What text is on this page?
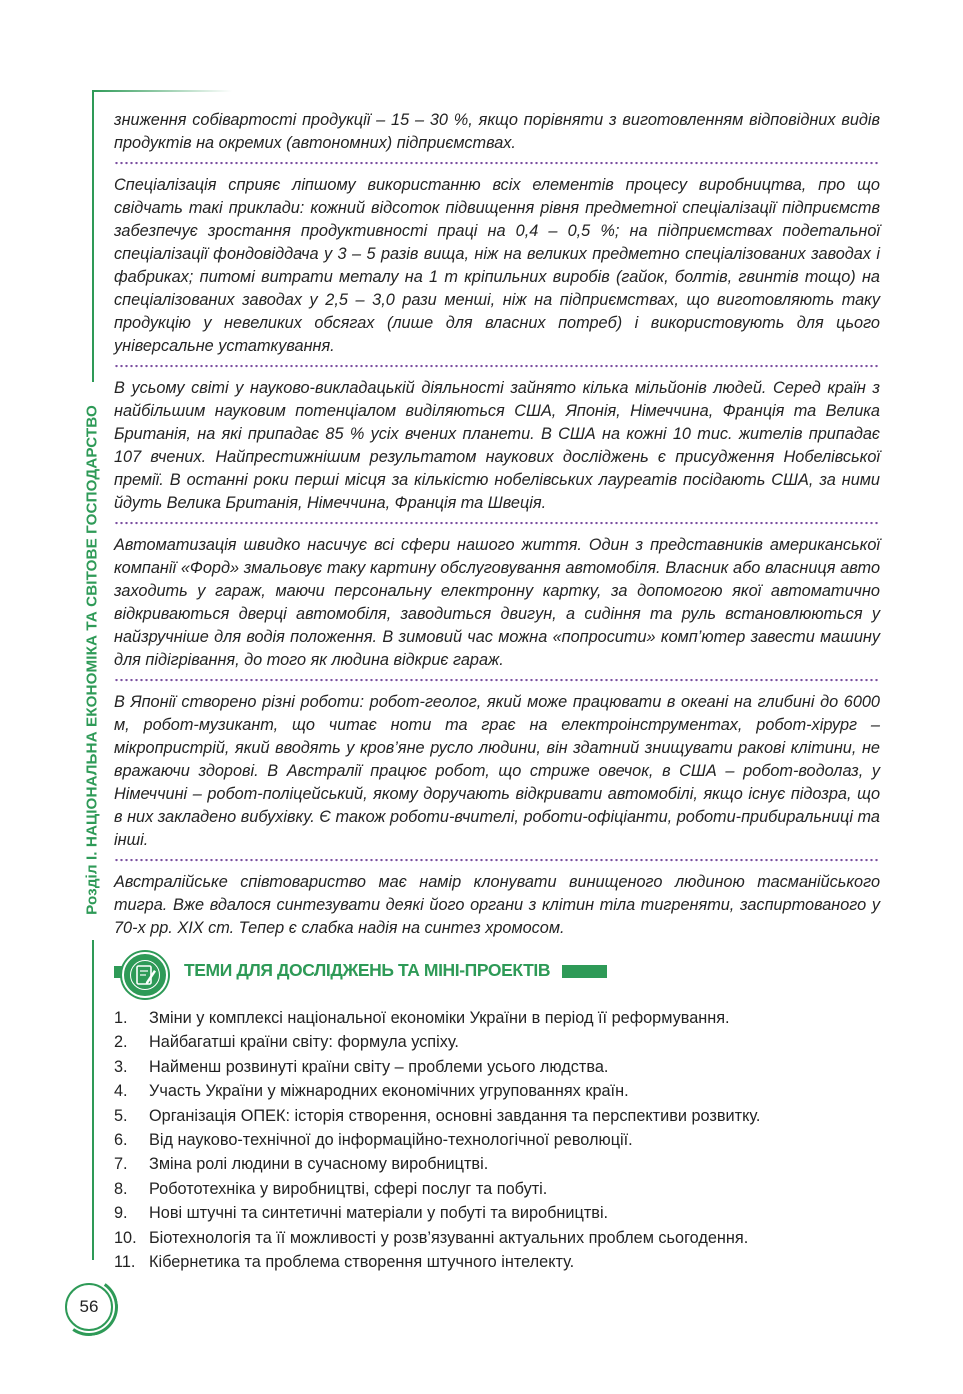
Розділ І. НАЦІОНАЛЬНА ЕКОНОМІКА ТА СВІТОВЕ ГОСПОДАРСТВО
зниження собівартості продукції – 15 – 30 %, якщо порівняти з виготовленням відповідних видів продуктів на окремих (автономних) підприємствах.
Спеціалізація сприяє ліпшому використанню всіх елементів процесу виробництва, про що свідчать такі приклади: кожний відсоток підвищення рівня предметної спеціалізації підприємств забезпечує зростання продуктивності праці на 0,4 – 0,5 %; на підприємствах подетальної спеціалізації фондовіддача у 3 – 5 разів вища, ніж на великих предметно спеціалізованих заводах і фабриках; питомі витрати металу на 1 т кріпильних виробів (гайок, болтів, гвинтів тощо) на спеціалізованих заводах у 2,5 – 3,0 рази менші, ніж на підприємствах, що виготовляють таку продукцію у невеликих обсягах (лише для власних потреб) і використовують для цього універсальне устаткування.
В усьому світі у науково-викладацькій діяльності зайнято кілька мільйонів людей. Серед країн з найбільшим науковим потенціалом виділяються США, Японія, Німеччина, Франція та Велика Британія, на які припадає 85 % усіх вчених планети. В США на кожні 10 тис. жителів припадає 107 вчених. Найпрестижнішим результатом наукових досліджень є присудження Нобелівської премії. В останні роки перші місця за кількістю нобелівських лауреатів посідають США, за ними йдуть Велика Британія, Німеччина, Франція та Швеція.
Автоматизація швидко насичує всі сфери нашого життя. Один з представників американської компанії «Форд» змальовує таку картину обслуговування автомобіля. Власник або власниця авто заходить у гараж, маючи персональну електронну картку, за допомогою якої автоматично відкриваються дверці автомобіля, заводиться двигун, а сидіння та руль встановлюються у найзручніше для водія положення. В зимовий час можна «попросити» комп’ютер завести машину для підігрівання, до того як людина відкриє гараж.
В Японії створено різні роботи: робот-геолог, який може працювати в океані на глибині до 6000 м, робот-музикант, що читає ноти та грає на електроінструментах, робот-хірург – мікропристрій, який вводять у кров’яне русло людини, він здатний знищувати ракові клітини, не вражаючи здорові. В Австралії працює робот, що стриже овечок, в США – робот-водолаз, у Німеччині – робот-поліцейський, якому доручають відкривати автомобілі, якщо існує підозра, що в них закладено вибухівку. Є також роботи-вчителі, роботи-офіціанти, роботи-прибиральниці та інші.
Австралійське співтовариство має намір клонувати винищеного людиною тасманійського тигра. Вже вдалося синтезувати деякі його органи з клітин тіла тигреняти, заспиртованого у 70-х рр. XIX ст. Тепер є слабка надія на синтез хромосом.
ТЕМИ ДЛЯ ДОСЛІДЖЕНЬ ТА МІНІ-ПРОЕКТІВ
1.	Зміни у комплексі національної економіки України в період її реформування.
2.	Найбагатші країни світу: формула успіху.
3.	Найменш розвинуті країни світу – проблеми усього людства.
4.	Участь України у міжнародних економічних угрупованнях країн.
5.	Організація ОПЕК: історія створення, основні завдання та перспективи розвитку.
6.	Від науково-технічної до інформаційно-технологічної революції.
7.	Зміна ролі людини в сучасному виробництві.
8.	Робототехніка у виробництві, сфері послуг та побуті.
9.	Нові штучні та синтетичні матеріали у побуті та виробництві.
10. Біотехнологія та її можливості у розв’язуванні актуальних проблем сьогодення.
11. Кібернетика та проблема створення штучного інтелекту.
56
